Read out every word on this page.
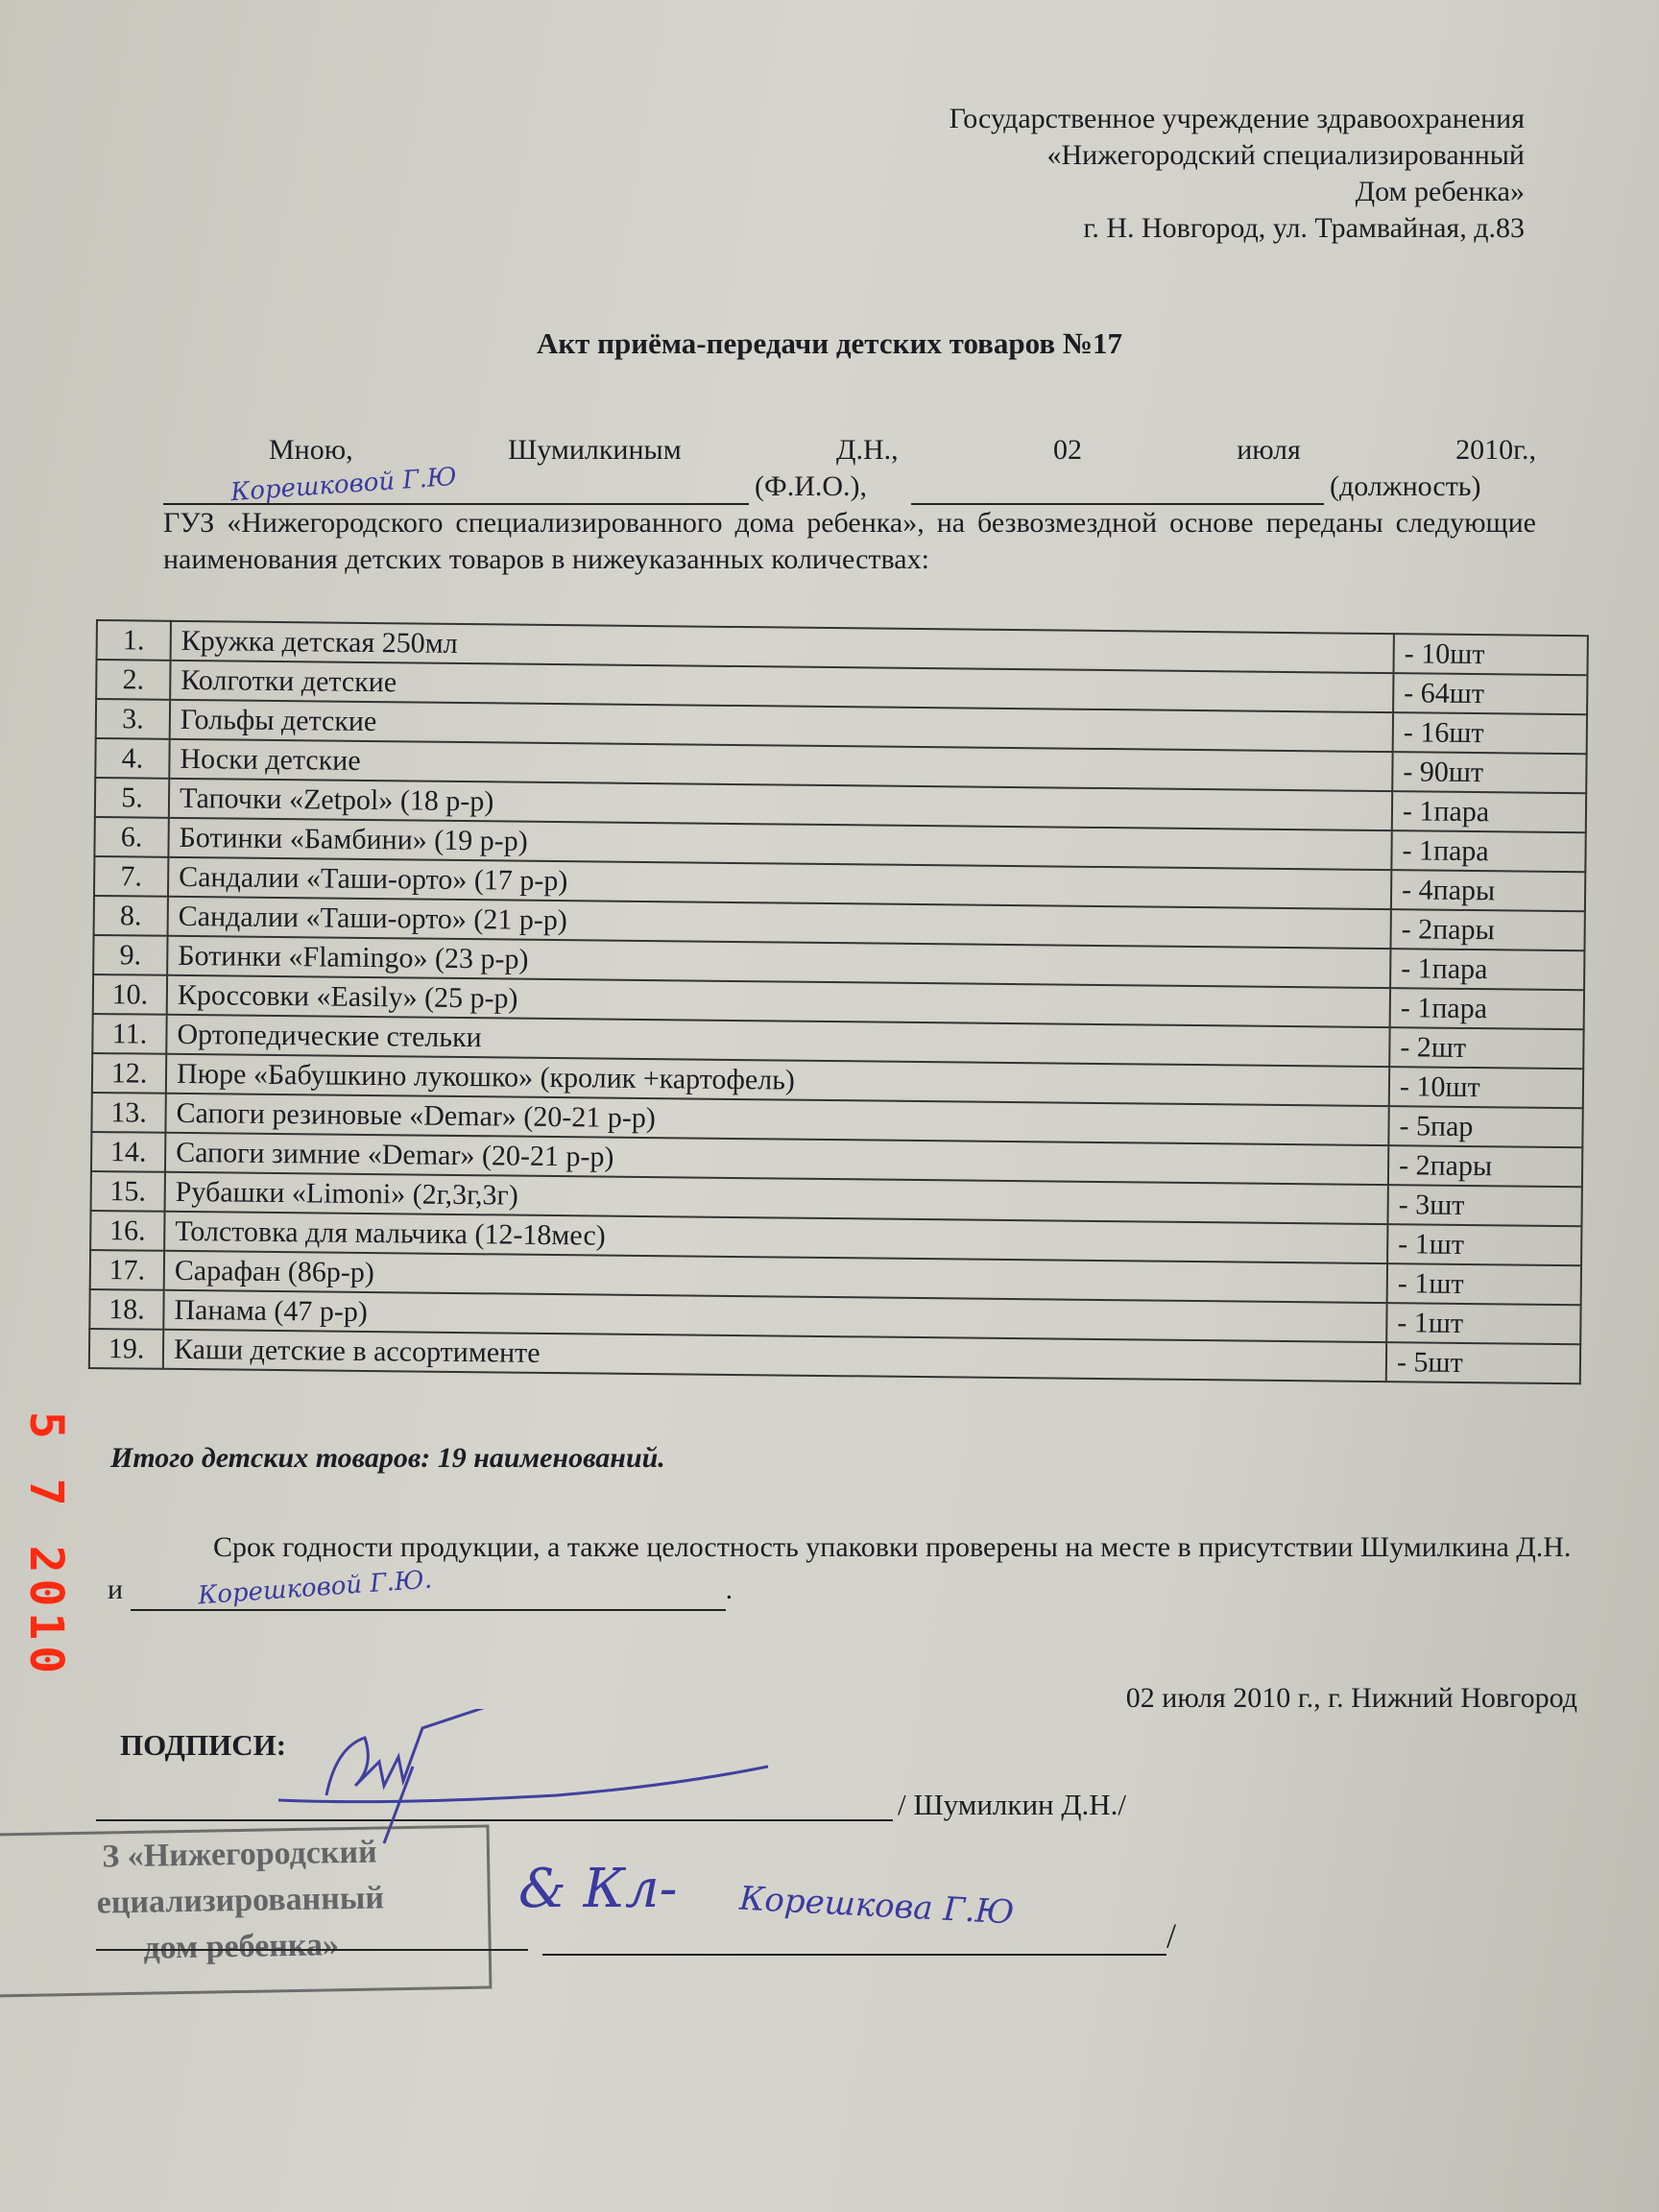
Государственное учреждение здравоохранения
«Нижегородский специализированный
Дом ребенка»
г. Н. Новгород, ул. Трамвайная, д.83
Акт приёма-передачи детских товаров №17
Мною,	Шумилкиным	Д.Н.,	02	июля	2010г.,
Корешковой Г.Ю	(Ф.И.О.),	(должность)
ГУЗ «Нижегородского специализированного дома ребенка», на безвозмездной основе переданы следующие наименования детских товаров в нижеуказанных количествах:
1.	Кружка детская 250мл	- 10шт
2.	Колготки детские	- 64шт
3.	Гольфы детские	- 16шт
4.	Носки детские	- 90шт
5.	Тапочки «Zetpol» (18 р-р)	- 1пара
6.	Ботинки «Бамбини» (19 р-р)	- 1пара
7.	Сандалии «Таши-орто» (17 р-р)	- 4пары
8.	Сандалии «Таши-орто» (21 р-р)	- 2пары
9.	Ботинки «Flamingo» (23 р-р)	- 1пара
10.	Кроссовки «Easily» (25 р-р)	- 1пара
11.	Ортопедические стельки	- 2шт
12.	Пюре «Бабушкино лукошко» (кролик +картофель)	- 10шт
13.	Сапоги резиновые «Demar» (20-21 р-р)	- 5пар
14.	Сапоги зимние «Demar» (20-21 р-р)	- 2пары
15.	Рубашки «Limoni» (2г,3г,3г)	- 3шт
16.	Толстовка для мальчика (12-18мес)	- 1шт
17.	Сарафан (86р-р)	- 1шт
18.	Панама (47 р-р)	- 1шт
19.	Каши детские в ассортименте	- 5шт
Итого детских товаров: 19 наименований.
Срок годности продукции, а также целостность упаковки проверены на месте в присутствии Шумилкина Д.Н. и	Корешковой Г.Ю.	.
02 июля 2010 г., г. Нижний Новгород
ПОДПИСИ:
/ Шумилкин Д.Н./
З «Нижегородский
ециализированный
дом ребенка»
& Кл- Корешкова Г.Ю
/
5 7 2010
